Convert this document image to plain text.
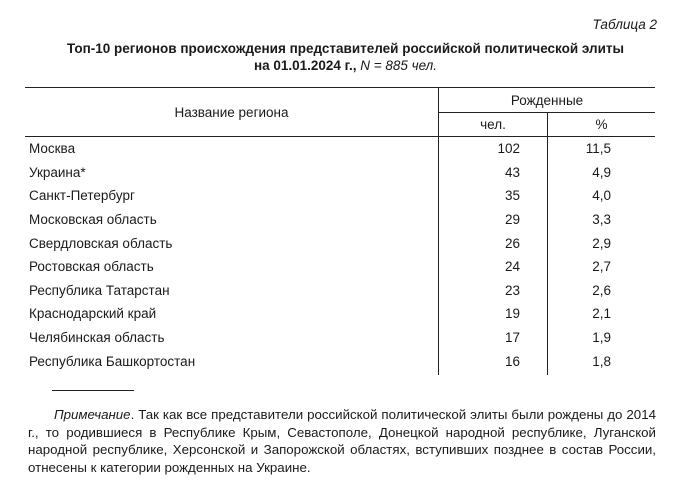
Таблица 2
Топ-10 регионов происхождения представителей российской политической элиты
на 01.01.2024 г., N = 885 чел.
Название региона	Рожденные	
	чел.	%
Москва	102	11,5
Украина*	43	4,9
Санкт-Петербург	35	4,0
Московская область	29	3,3
Свердловская область	26	2,9
Ростовская область	24	2,7
Республика Татарстан	23	2,6
Краснодарский край	19	2,1
Челябинская область	17	1,9
Республика Башкортостан	16	1,8
Примечание. Так как все представители российской политической элиты были рождены до 2014 г., то родившиеся в Республике Крым, Севастополе, Донецкой народной республике, Луганской народной республике, Херсонской и Запорожской областях, вступивших позднее в состав России, отнесены к категории рожденных на Украине.
